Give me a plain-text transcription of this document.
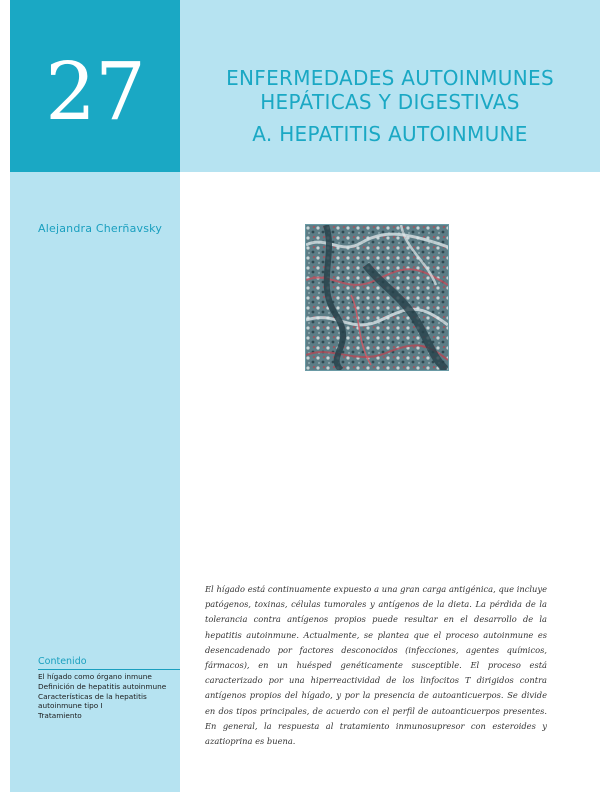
27	ENFERMEDADES AUTOINMUNES
HEPÁTICAS Y DIGESTIVAS
A. HEPATITIS AUTOINMUNE
Alejandra Cherñavsky

El hígado está continuamente expuesto a una gran carga antigénica, que incluye patógenos, toxinas, células tumorales y antígenos de la dieta. La pérdida de la tolerancia contra antígenos propios puede resultar en el desarrollo de la hepatitis autoinmune. Actualmente, se plantea que el proceso autoinmune es desencadenado por factores desconocidos (infecciones, agentes químicos, fármacos), en un huésped genéticamente susceptible. El proceso está caracterizado por una hiperreactividad de los linfocitos T dirigidos contra antígenos propios del hígado, y por la presencia de autoanticuerpos. Se divide en dos tipos principales, de acuerdo con el perfil de autoanticuerpos presentes. En general, la respuesta al tratamiento inmunosupresor con esteroides y azatioprina es buena.

Contenido
El hígado como órgano inmune
Definición de hepatitis autoinmune
Características de la hepatitis autoinmune tipo I
Tratamiento
